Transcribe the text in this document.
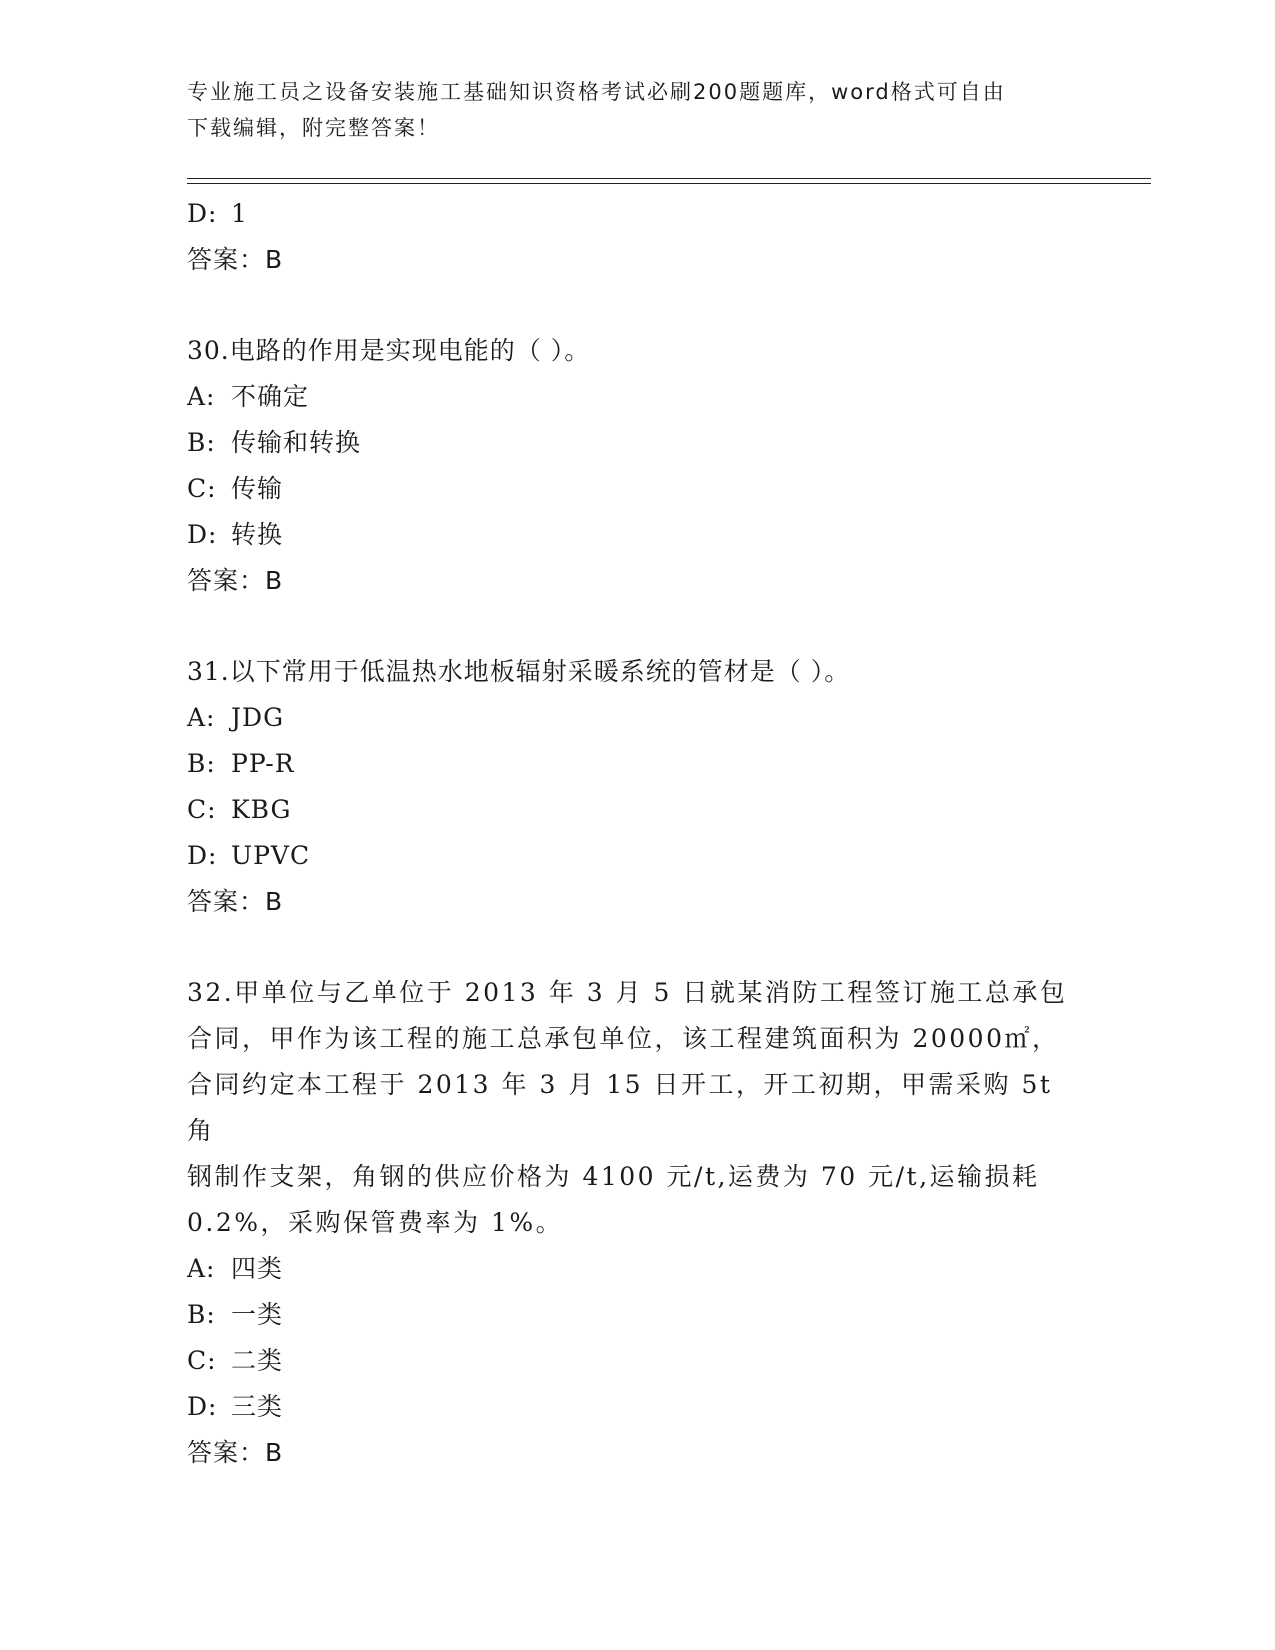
专业施工员之设备安装施工基础知识资格考试必刷200题题库，word格式可自由
下载编辑，附完整答案！
D: 1
答案：B
30.电路的作用是实现电能的（ ）。
A: 不确定
B: 传输和转换
C: 传输
D: 转换
答案：B
31.以下常用于低温热水地板辐射采暖系统的管材是（ ）。
A: JDG
B: PP-R
C: KBG
D: UPVC
答案：B
32.甲单位与乙单位于 2013 年 3 月 5 日就某消防工程签订施工总承包
合同，甲作为该工程的施工总承包单位，该工程建筑面积为 20000㎡，
合同约定本工程于 2013 年 3 月 15 日开工，开工初期，甲需采购 5t 角
钢制作支架，角钢的供应价格为 4100 元/t,运费为 70 元/t,运输损耗
0.2%，采购保管费率为 1%。
A: 四类
B: 一类
C: 二类
D: 三类
答案：B
